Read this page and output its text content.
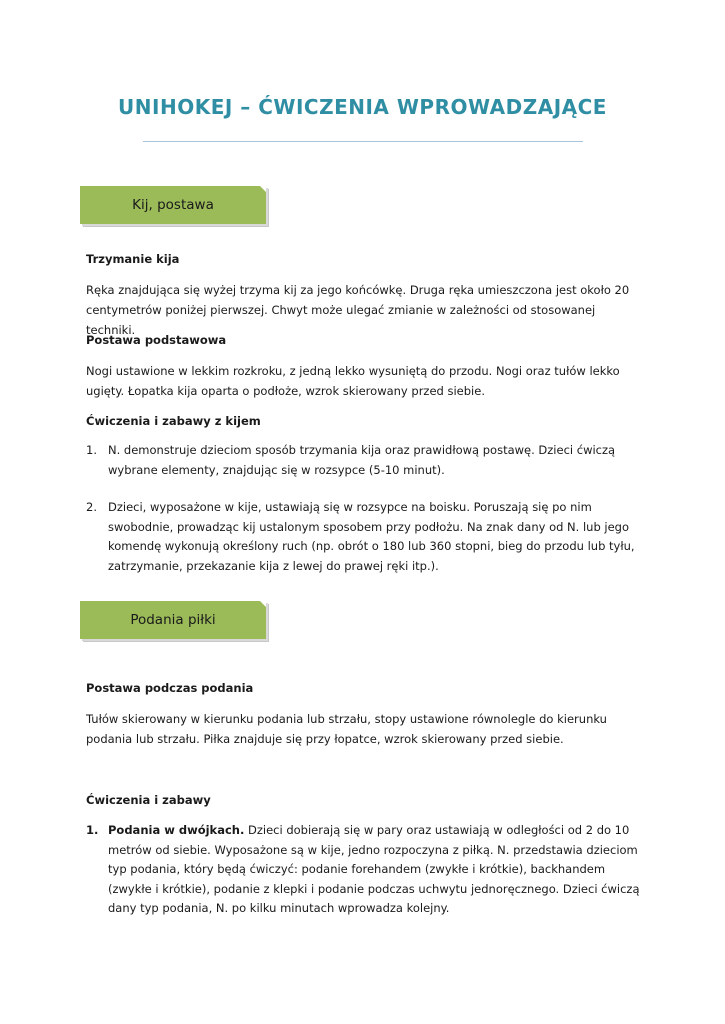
UNIHOKEJ – ĆWICZENIA WPROWADZAJĄCE
Kij, postawa
Trzymanie kija
Ręka znajdująca się wyżej trzyma kij za jego końcówkę. Druga ręka umieszczona jest około 20 centymetrów poniżej pierwszej. Chwyt może ulegać zmianie w zależności od stosowanej techniki.
Postawa podstawowa
Nogi ustawione w lekkim rozkroku, z jedną lekko wysuniętą do przodu. Nogi oraz tułów lekko ugięty. Łopatka kija oparta o podłoże, wzrok skierowany przed siebie.
Ćwiczenia i zabawy z kijem
1. N. demonstruje dzieciom sposób trzymania kija oraz prawidłową postawę. Dzieci ćwiczą wybrane elementy, znajdując się w rozsypce (5-10 minut).
2. Dzieci, wyposażone w kije, ustawiają się w rozsypce na boisku. Poruszają się po nim swobodnie, prowadząc kij ustalonym sposobem przy podłożu. Na znak dany od N. lub jego komendę wykonują określony ruch (np. obrót o 180 lub 360 stopni, bieg do przodu lub tyłu, zatrzymanie, przekazanie kija z lewej do prawej ręki itp.).
Podania piłki
Postawa podczas podania
Tułów skierowany w kierunku podania lub strzału, stopy ustawione równolegle do kierunku podania lub strzału. Piłka znajduje się przy łopatce, wzrok skierowany przed siebie.
Ćwiczenia i zabawy
1. Podania w dwójkach. Dzieci dobierają się w pary oraz ustawiają w odległości od 2 do 10 metrów od siebie. Wyposażone są w kije, jedno rozpoczyna z piłką. N. przedstawia dzieciom typ podania, który będą ćwiczyć: podanie forehandem (zwykłe i krótkie), backhandem (zwykłe i krótkie), podanie z klepki i podanie podczas uchwytu jednoręcznego. Dzieci ćwiczą dany typ podania, N. po kilku minutach wprowadza kolejny.
